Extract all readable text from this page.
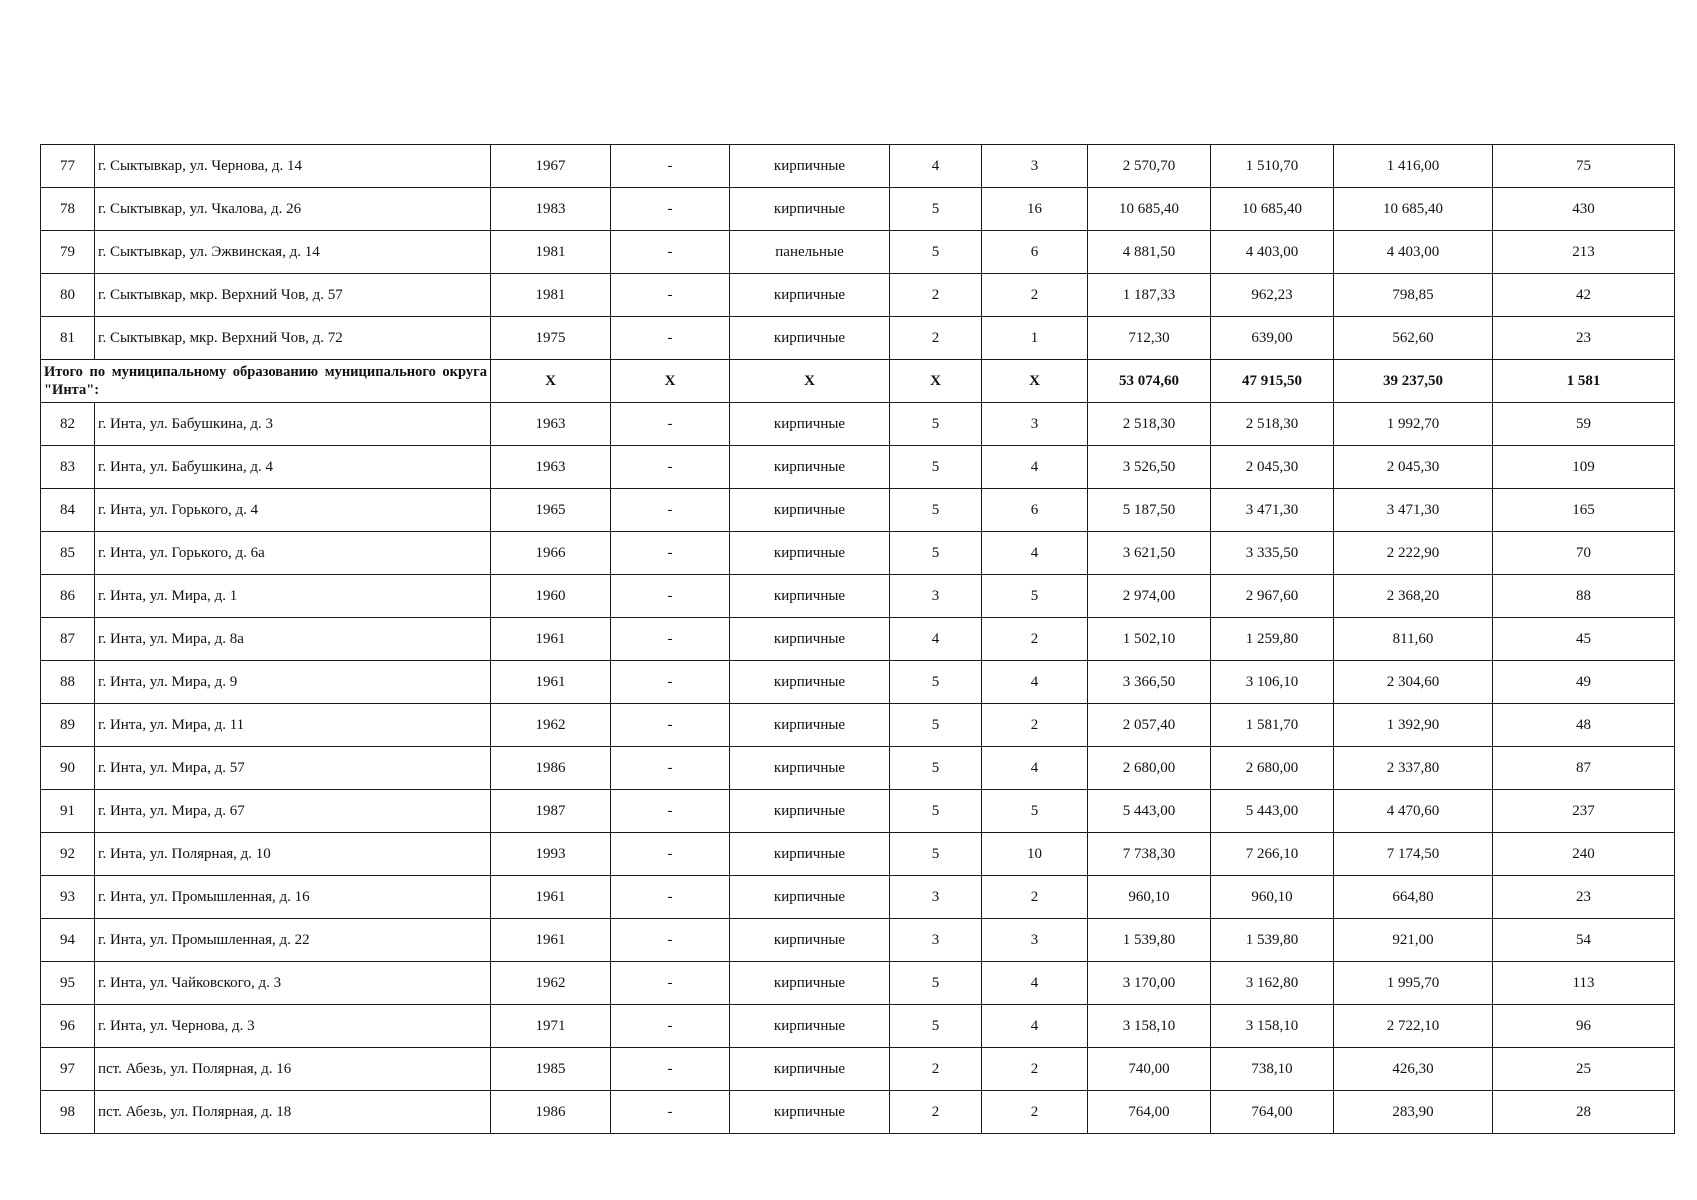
77	г. Сыктывкар, ул. Чернова, д. 14	1967	-	кирпичные	4	3	2 570,70	1 510,70	1 416,00	75
78	г. Сыктывкар, ул. Чкалова, д. 26	1983	-	кирпичные	5	16	10 685,40	10 685,40	10 685,40	430
79	г. Сыктывкар, ул. Эжвинская, д. 14	1981	-	панельные	5	6	4 881,50	4 403,00	4 403,00	213
80	г. Сыктывкар, мкр. Верхний Чов, д. 57	1981	-	кирпичные	2	2	1 187,33	962,23	798,85	42
81	г. Сыктывкар, мкр. Верхний Чов, д. 72	1975	-	кирпичные	2	1	712,30	639,00	562,60	23
Итого по муниципальному образованию муниципального округа "Инта":		X	X	X	X	X	53 074,60	47 915,50	39 237,50	1 581
82	г. Инта, ул. Бабушкина, д. 3	1963	-	кирпичные	5	3	2 518,30	2 518,30	1 992,70	59
83	г. Инта, ул. Бабушкина, д. 4	1963	-	кирпичные	5	4	3 526,50	2 045,30	2 045,30	109
84	г. Инта, ул. Горького, д. 4	1965	-	кирпичные	5	6	5 187,50	3 471,30	3 471,30	165
85	г. Инта, ул. Горького, д. 6а	1966	-	кирпичные	5	4	3 621,50	3 335,50	2 222,90	70
86	г. Инта, ул. Мира, д. 1	1960	-	кирпичные	3	5	2 974,00	2 967,60	2 368,20	88
87	г. Инта, ул. Мира, д. 8а	1961	-	кирпичные	4	2	1 502,10	1 259,80	811,60	45
88	г. Инта, ул. Мира, д. 9	1961	-	кирпичные	5	4	3 366,50	3 106,10	2 304,60	49
89	г. Инта, ул. Мира, д. 11	1962	-	кирпичные	5	2	2 057,40	1 581,70	1 392,90	48
90	г. Инта, ул. Мира, д. 57	1986	-	кирпичные	5	4	2 680,00	2 680,00	2 337,80	87
91	г. Инта, ул. Мира, д. 67	1987	-	кирпичные	5	5	5 443,00	5 443,00	4 470,60	237
92	г. Инта, ул. Полярная, д. 10	1993	-	кирпичные	5	10	7 738,30	7 266,10	7 174,50	240
93	г. Инта, ул. Промышленная, д. 16	1961	-	кирпичные	3	2	960,10	960,10	664,80	23
94	г. Инта, ул. Промышленная, д. 22	1961	-	кирпичные	3	3	1 539,80	1 539,80	921,00	54
95	г. Инта, ул. Чайковского, д. 3	1962	-	кирпичные	5	4	3 170,00	3 162,80	1 995,70	113
96	г. Инта, ул. Чернова, д. 3	1971	-	кирпичные	5	4	3 158,10	3 158,10	2 722,10	96
97	пст. Абезь, ул. Полярная, д. 16	1985	-	кирпичные	2	2	740,00	738,10	426,30	25
98	пст. Абезь, ул. Полярная, д. 18	1986	-	кирпичные	2	2	764,00	764,00	283,90	28
